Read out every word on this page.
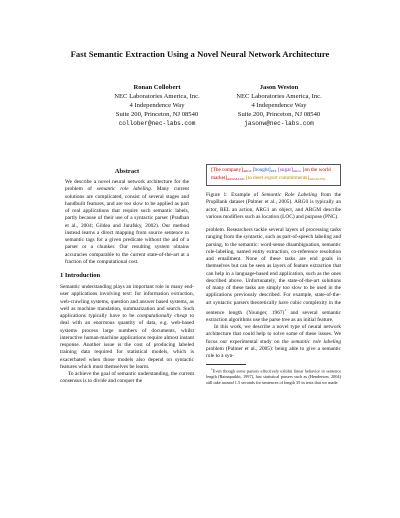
Fast Semantic Extraction Using a Novel Neural Network Architecture
Ronan Collobert
NEC Laboratories America, Inc.
4 Independence Way
Suite 200, Princeton, NJ 08540
collober@nec-labs.com
Jason Weston
NEC Laboratories America, Inc.
4 Independence Way
Suite 200, Princeton, NJ 08540
jasonw@nec-labs.com
Abstract

We describe a novel neural network architecture for the problem of semantic role labeling. Many current solutions are complicated, consist of several stages and handbuilt features, and are too slow to be applied as part of real applications that require such semantic labels, partly because of their use of a syntactic parser (Pradhan et al., 2004; Gildea and Jurafsky, 2002). Our method instead learns a direct mapping from source sentence to semantic tags for a given predicate without the aid of a parser or a chunker. Our resulting system obtains accuracies comparable to the current state-of-the-art at a fraction of the computational cost.

1 Introduction

Semantic understanding plays an important role in many end-user applications involving text: for information extraction, web-crawling systems, question and answer based systems, as well as machine translation, summarization and search. Such applications typically have to be computationally cheap to deal with an enormous quantity of data, e.g. web-based systems process large numbers of documents, whilst interactive human-machine applications require almost instant response. Another issue is the cost of producing labeled training data required for statistical models, which is exacerbated when those models also depend on syntactic features which must themselves be learnt.

To achieve the goal of semantic understanding, the current consensus is to divide and conquer the

[The $company]_{ARG0}$ $[bought]_{REL}$ $[sugar]_{ARG1}$ [on the world $market]_{ARGM-LOC}$ [to meet export $commitments]_{ARGM-PNC}$

Figure 1: Example of Semantic Role Labeling from the PropBank dataset (Palmer et al., 2005). ARG0 is typically an actor, REL an action, ARG1 an object, and ARGM describe various modifiers such as location (LOC) and purpose (PNC).

problem. Researchers tackle several layers of processing tasks ranging from the syntactic, such as part-of-speech labeling and parsing, to the semantic: word-sense disambiguation, semantic role-labeling, named entity extraction, co-reference resolution and entailment. None of these tasks are end goals in themselves but can be seen as layers of feature extraction that can help in a language-based end application, such as the ones described above. Unfortunately, the state-of-the-art solutions of many of these tasks are simply too slow to be used in the applications previously described. For example, state-of-the-art syntactic parsers theoretically have cubic complexity in the sentence length (Younger, 1967)$^1$ and several semantic extraction algorithms use the parse tree as an initial feature.

In this work, we describe a novel type of neural network architecture that could help to solve some of these issues. We focus our experimental study on the semantic role labeling problem (Palmer et al., 2005): being able to give a semantic role to a syn-

$^1$Even though some parsers effectively exhibit linear behavior in sentence length (Ratnaparkhi, 1997), fast statistical parsers such as (Henderson, 2004) still take around 1.5 seconds for sentences of length 35 in tests that we made.
